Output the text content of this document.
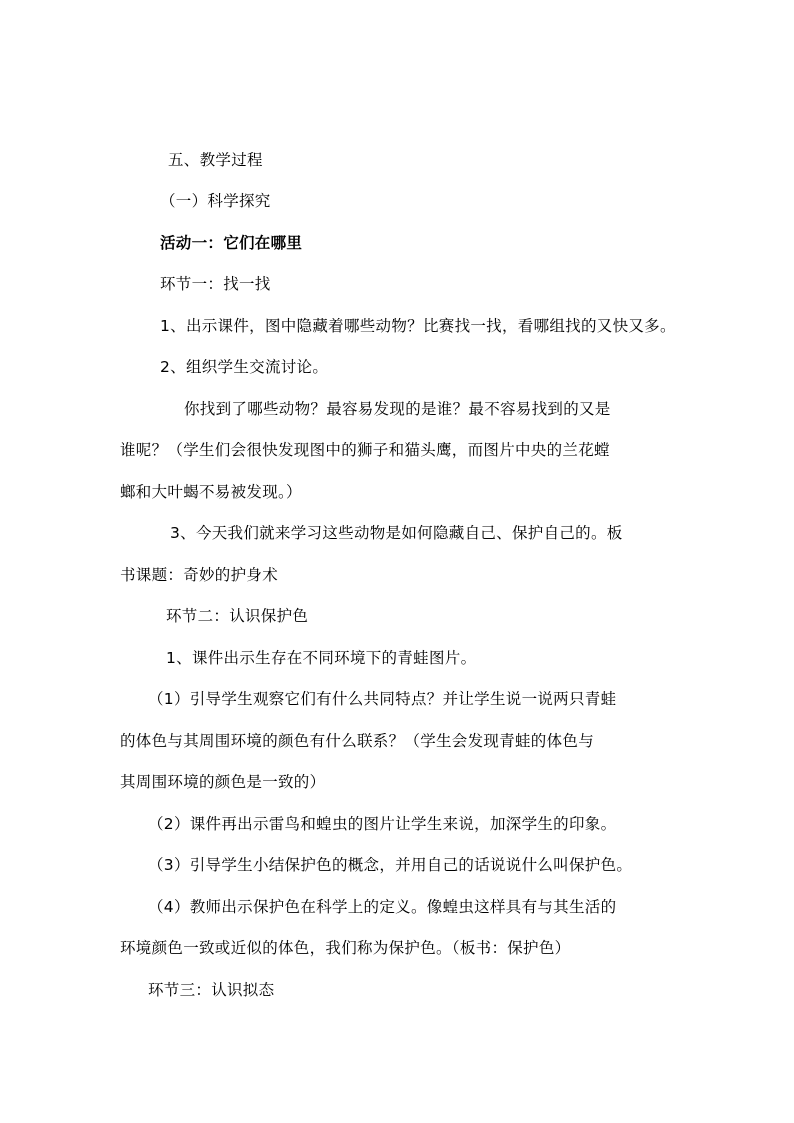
五、教学过程
（一）科学探究
活动一：它们在哪里
环节一：找一找
1、出示课件，图中隐藏着哪些动物？比赛找一找，看哪组找的又快又多。
2、组织学生交流讨论。
你找到了哪些动物？最容易发现的是谁？最不容易找到的又是
谁呢？（学生们会很快发现图中的狮子和猫头鹰，而图片中央的兰花螳
螂和大叶蝎不易被发现。）
3、今天我们就来学习这些动物是如何隐藏自己、保护自己的。板
书课题：奇妙的护身术
环节二：认识保护色
1、课件出示生存在不同环境下的青蛙图片。
（1）引导学生观察它们有什么共同特点？并让学生说一说两只青蛙
的体色与其周围环境的颜色有什么联系？（学生会发现青蛙的体色与
其周围环境的颜色是一致的）
（2）课件再出示雷鸟和蝗虫的图片让学生来说，加深学生的印象。
（3）引导学生小结保护色的概念，并用自己的话说说什么叫保护色。
（4）教师出示保护色在科学上的定义。像蝗虫这样具有与其生活的
环境颜色一致或近似的体色，我们称为保护色。（板书：保护色）
环节三：认识拟态
